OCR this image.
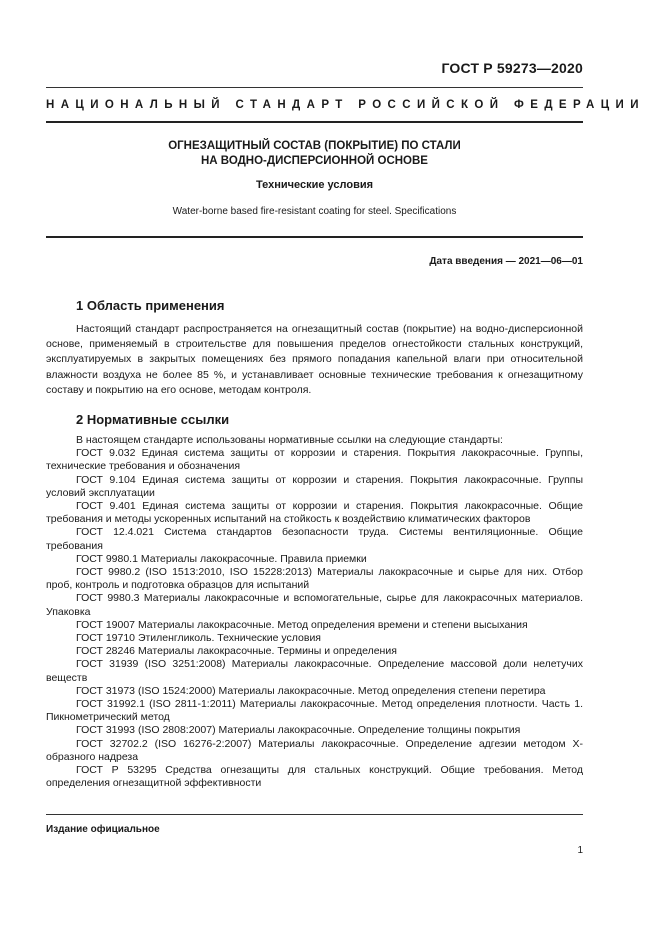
ГОСТ Р 59273—2020
НАЦИОНАЛЬНЫЙ СТАНДАРТ РОССИЙСКОЙ ФЕДЕРАЦИИ
ОГНЕЗАЩИТНЫЙ СОСТАВ (ПОКРЫТИЕ) ПО СТАЛИ
НА ВОДНО-ДИСПЕРСИОННОЙ ОСНОВЕ
Технические условия
Water-borne based fire-resistant coating for steel. Specifications
Дата введения — 2021—06—01
1 Область применения

Настоящий стандарт распространяется на огнезащитный состав (покрытие) на водно-дисперсионной основе, применяемый в строительстве для повышения пределов огнестойкости стальных конструкций, эксплуатируемых в закрытых помещениях без прямого попадания капельной влаги при относительной влажности воздуха не более 85 %, и устанавливает основные технические требования к огнезащитному составу и покрытию на его основе, методам контроля.

2 Нормативные ссылки

В настоящем стандарте использованы нормативные ссылки на следующие стандарты:

ГОСТ 9.032 Единая система защиты от коррозии и старения. Покрытия лакокрасочные. Группы, технические требования и обозначения

ГОСТ 9.104 Единая система защиты от коррозии и старения. Покрытия лакокрасочные. Группы условий эксплуатации

ГОСТ 9.401 Единая система защиты от коррозии и старения. Покрытия лакокрасочные. Общие требования и методы ускоренных испытаний на стойкость к воздействию климатических факторов

ГОСТ 12.4.021 Система стандартов безопасности труда. Системы вентиляционные. Общие требования

ГОСТ 9980.1 Материалы лакокрасочные. Правила приемки

ГОСТ 9980.2 (ISO 1513:2010, ISO 15228:2013) Материалы лакокрасочные и сырье для них. Отбор проб, контроль и подготовка образцов для испытаний

ГОСТ 9980.3 Материалы лакокрасочные и вспомогательные, сырье для лакокрасочных материалов. Упаковка

ГОСТ 19007 Материалы лакокрасочные. Метод определения времени и степени высыхания

ГОСТ 19710 Этиленгликоль. Технические условия

ГОСТ 28246 Материалы лакокрасочные. Термины и определения

ГОСТ 31939 (ISO 3251:2008) Материалы лакокрасочные. Определение массовой доли нелетучих веществ

ГОСТ 31973 (ISO 1524:2000) Материалы лакокрасочные. Метод определения степени перетира

ГОСТ 31992.1 (ISO 2811-1:2011) Материалы лакокрасочные. Метод определения плотности. Часть 1. Пикнометрический метод

ГОСТ 31993 (ISO 2808:2007) Материалы лакокрасочные. Определение толщины покрытия

ГОСТ 32702.2 (ISO 16276-2:2007) Материалы лакокрасочные. Определение адгезии методом Х-образного надреза

ГОСТ Р 53295 Средства огнезащиты для стальных конструкций. Общие требования. Метод определения огнезащитной эффективности

Издание официальное
1
